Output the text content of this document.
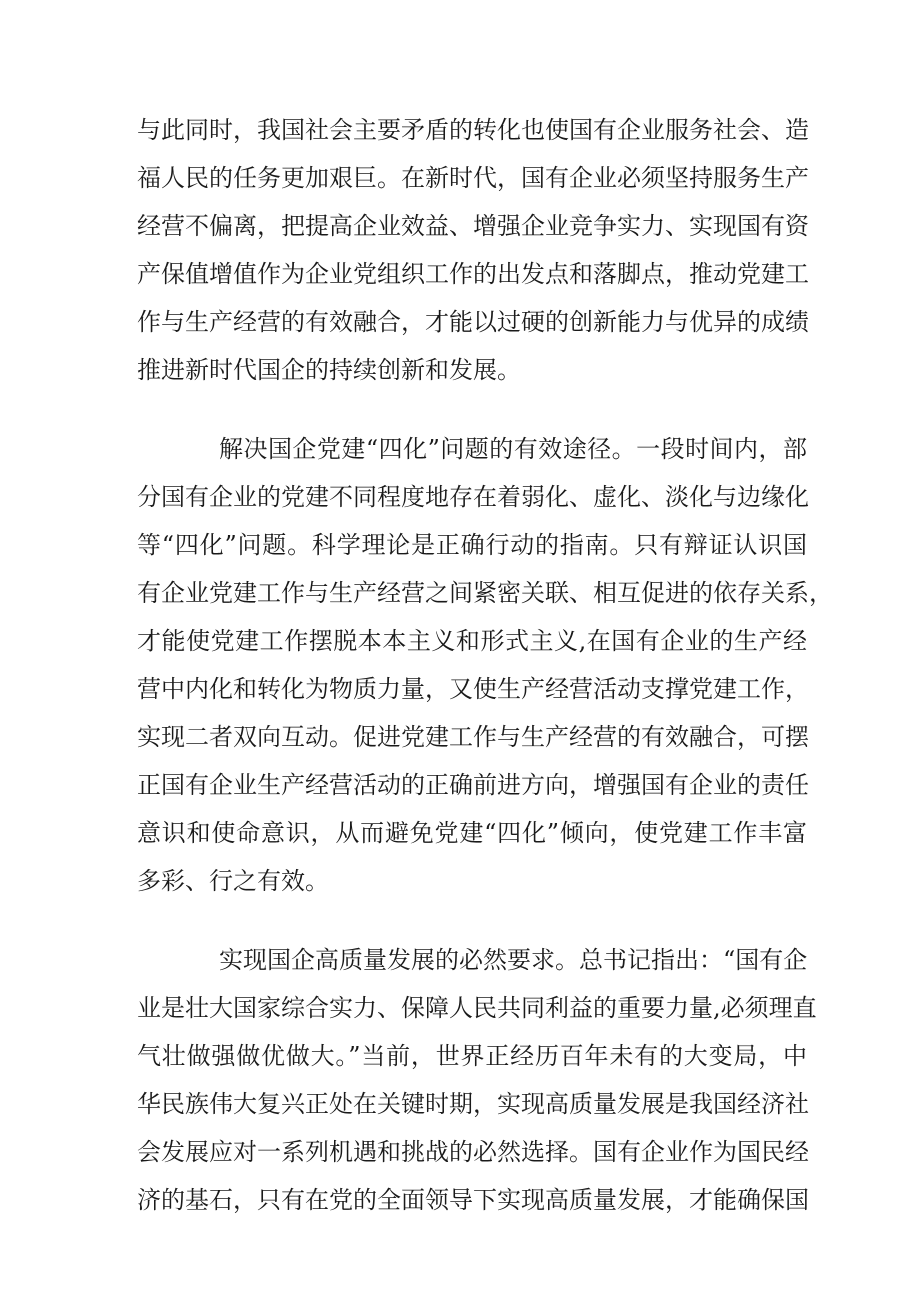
与此同时，我国社会主要矛盾的转化也使国有企业服务社会、造
福人民的任务更加艰巨。在新时代，国有企业必须坚持服务生产
经营不偏离，把提高企业效益、增强企业竞争实力、实现国有资
产保值增值作为企业党组织工作的出发点和落脚点，推动党建工
作与生产经营的有效融合，才能以过硬的创新能力与优异的成绩
推进新时代国企的持续创新和发展。
解决国企党建“四化”问题的有效途径。一段时间内，部
分国有企业的党建不同程度地存在着弱化、虚化、淡化与边缘化
等“四化”问题。科学理论是正确行动的指南。只有辩证认识国
有企业党建工作与生产经营之间紧密关联、相互促进的依存关系，
才能使党建工作摆脱本本主义和形式主义,在国有企业的生产经
营中内化和转化为物质力量，又使生产经营活动支撑党建工作，
实现二者双向互动。促进党建工作与生产经营的有效融合，可摆
正国有企业生产经营活动的正确前进方向，增强国有企业的责任
意识和使命意识，从而避免党建“四化”倾向，使党建工作丰富
多彩、行之有效。
实现国企高质量发展的必然要求。总书记指出：“国有企
业是壮大国家综合实力、保障人民共同利益的重要力量,必须理直
气壮做强做优做大。”当前，世界正经历百年未有的大变局，中
华民族伟大复兴正处在关键时期，实现高质量发展是我国经济社
会发展应对一系列机遇和挑战的必然选择。国有企业作为国民经
济的基石，只有在党的全面领导下实现高质量发展，才能确保国
